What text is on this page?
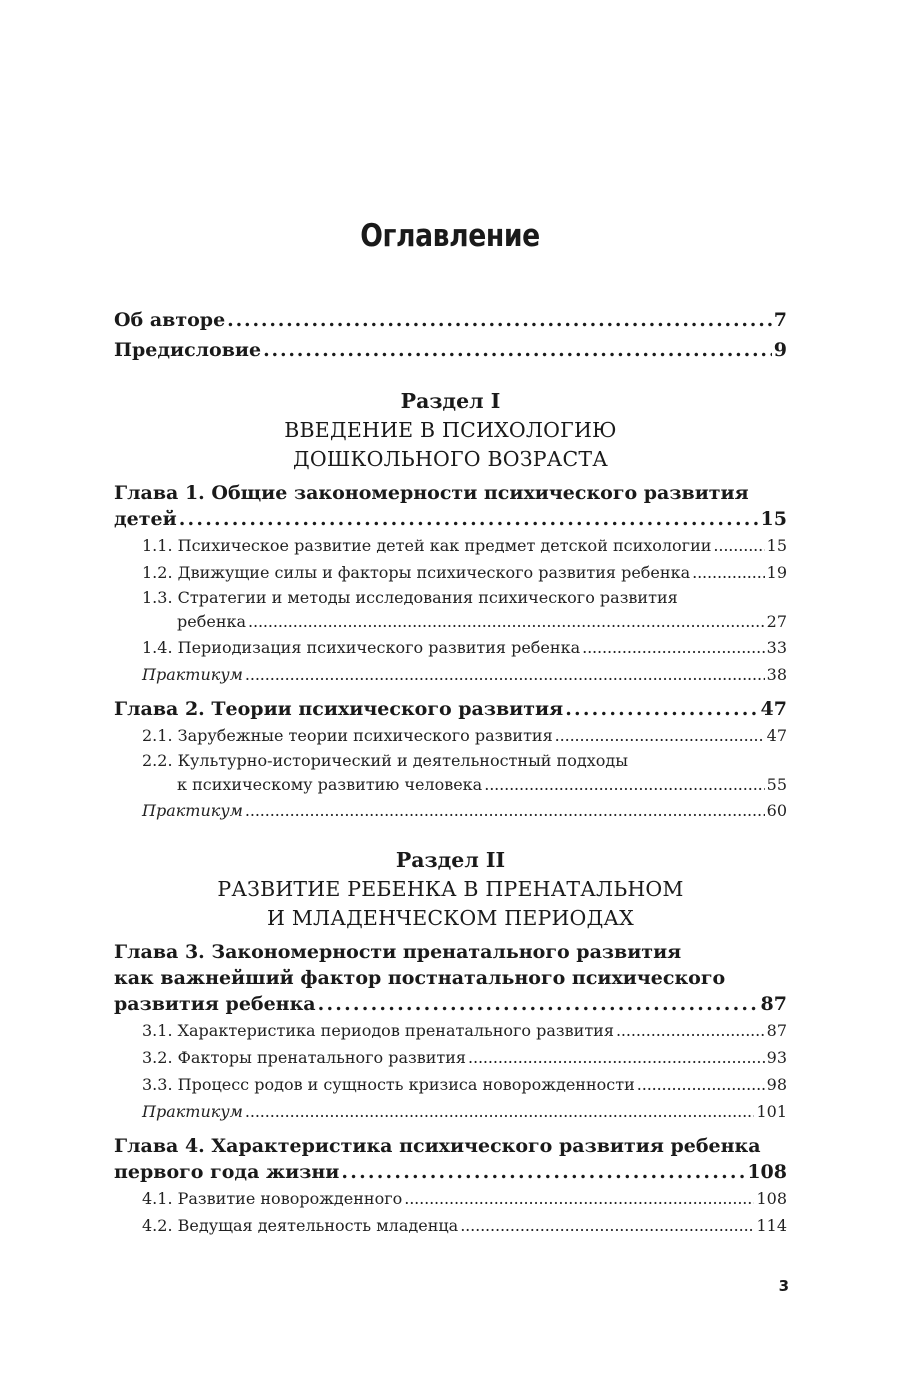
Оглавление
Об авторе . . .	7
Предисловие . . .	9
Раздел I
ВВЕДЕНИЕ В ПСИХОЛОГИЮ
ДОШКОЛЬНОГО ВОЗРАСТА
Глава 1. Общие закономерности психического развития
детей . . .	15
1.1. Психическое развитие детей как предмет детской психологии . . .	15
1.2. Движущие силы и факторы психического развития ребенка . . .	19
1.3. Стратегии и методы исследования психического развития
ребенка . . .	27
1.4. Периодизация психического развития ребенка . . .	33
Практикум . . .	38
Глава 2. Теории психического развития . . .	47
2.1. Зарубежные теории психического развития . . .	47
2.2. Культурно-исторический и деятельностный подходы
к психическому развитию человека . . .	55
Практикум . . .	60
Раздел II
РАЗВИТИЕ РЕБЕНКА В ПРЕНАТАЛЬНОМ
И МЛАДЕНЧЕСКОМ ПЕРИОДАХ
Глава 3. Закономерности пренатального развития
как важнейший фактор постнатального психического
развития ребенка . . .	87
3.1. Характеристика периодов пренатального развития . . .	87
3.2. Факторы пренатального развития . . .	93
3.3. Процесс родов и сущность кризиса новорожденности . . .	98
Практикум . . .	101
Глава 4. Характеристика психического развития ребенка
первого года жизни . . .	108
4.1. Развитие новорожденного . . .	108
4.2. Ведущая деятельность младенца . . .	114
3
